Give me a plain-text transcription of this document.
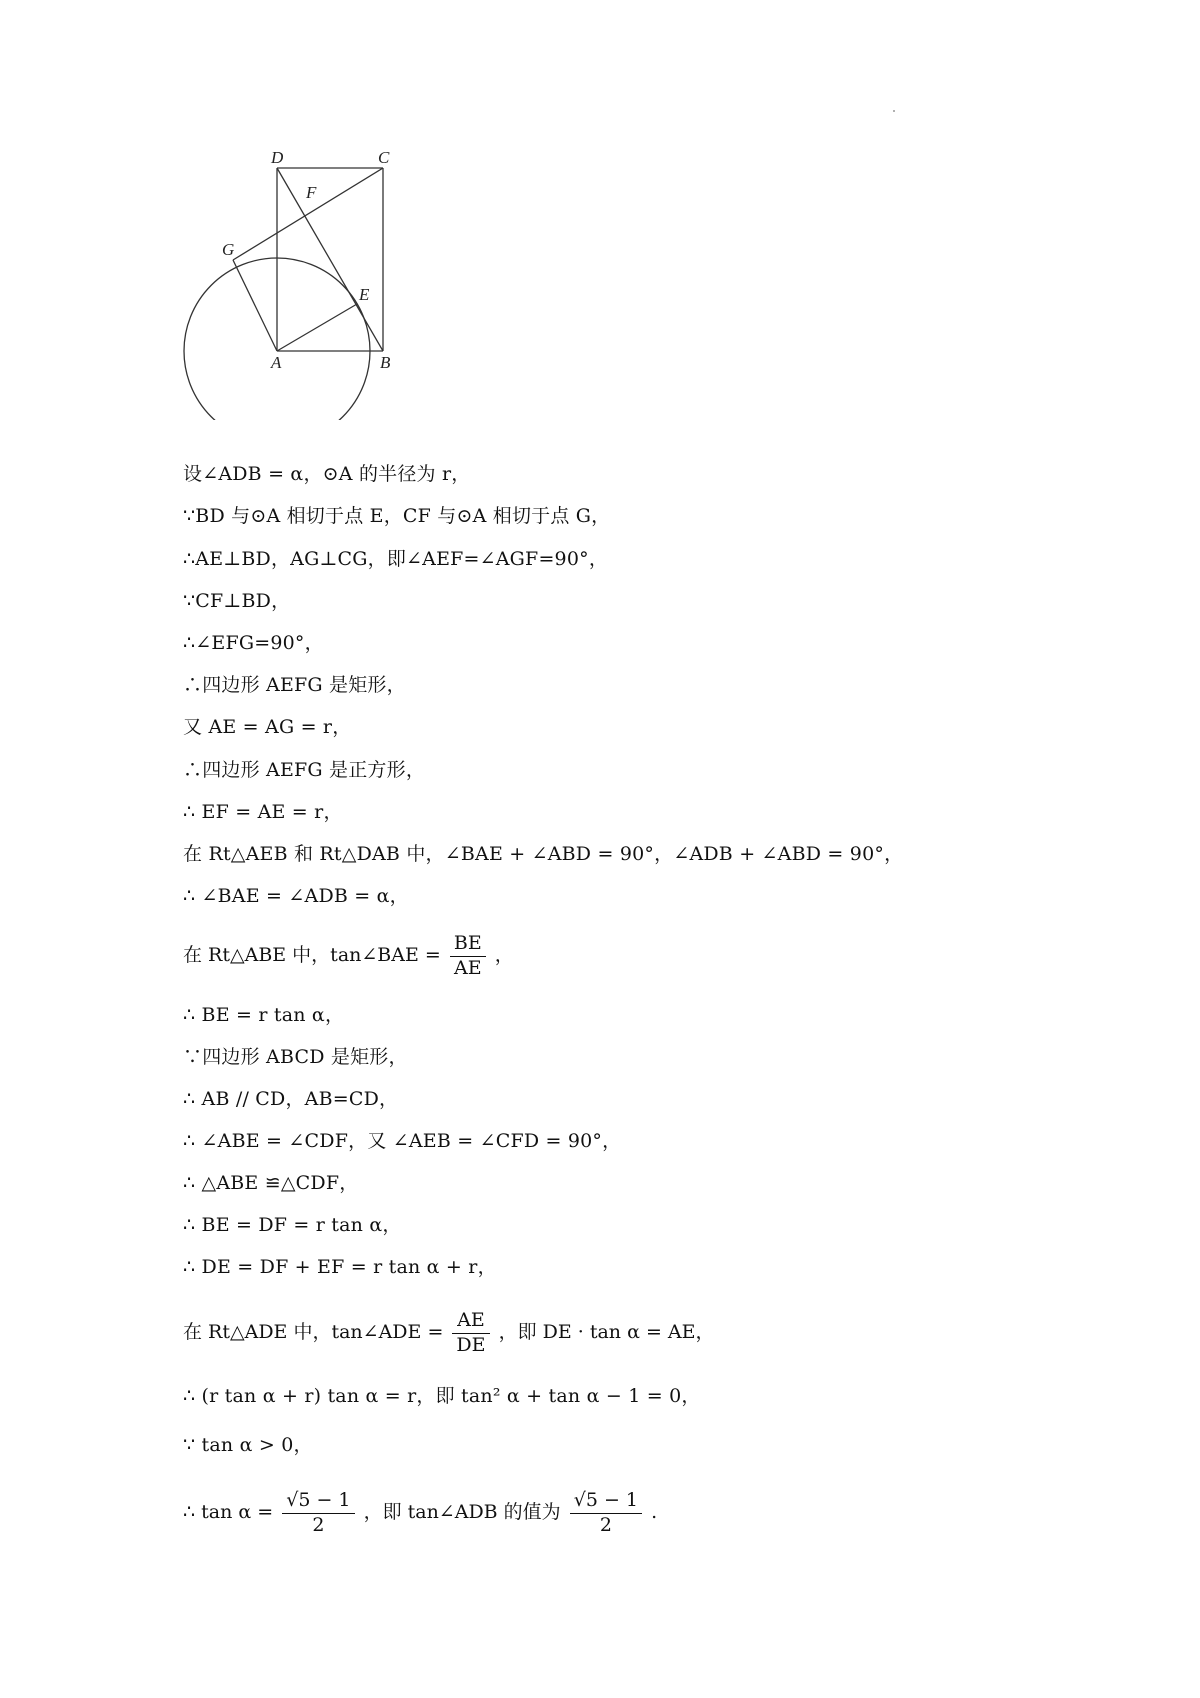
D	C
F
G
E
A	B
设∠ADB = α，⊙A 的半径为 r，
∵BD 与⊙A 相切于点 E，CF 与⊙A 相切于点 G，
∴AE⊥BD，AG⊥CG，即∠AEF=∠AGF=90°，
∵CF⊥BD，
∴∠EFG=90°，
∴四边形 AEFG 是矩形，
又 AE = AG = r，
∴四边形 AEFG 是正方形，
∴ EF = AE = r，
在 Rt△AEB 和 Rt△DAB 中，∠BAE + ∠ABD = 90°，∠ADB + ∠ABD = 90°，
∴ ∠BAE = ∠ADB = α，
在 Rt△ABE 中，tan∠BAE = $\frac{BE}{AE}$ ，
∴ BE = r tan α，
∵四边形 ABCD 是矩形，
∴ AB // CD，AB=CD，
∴ ∠ABE = ∠CDF，又 ∠AEB = ∠CFD = 90°，
∴ △ABE ≌△CDF，
∴ BE = DF = r tan α，
∴ DE = DF + EF = r tan α + r，
在 Rt△ADE 中，tan∠ADE = $\frac{AE}{DE}$ ，即 DE · tan α = AE，
∴ (r tan α + r) tan α = r，即 tan² α + tan α − 1 = 0，
∵ tan α > 0，
∴ $\tan \alpha = \frac{√5 - 1}{2}$ ，即 tan∠ADB 的值为 $\frac{√5 - 1}{2}$ .
